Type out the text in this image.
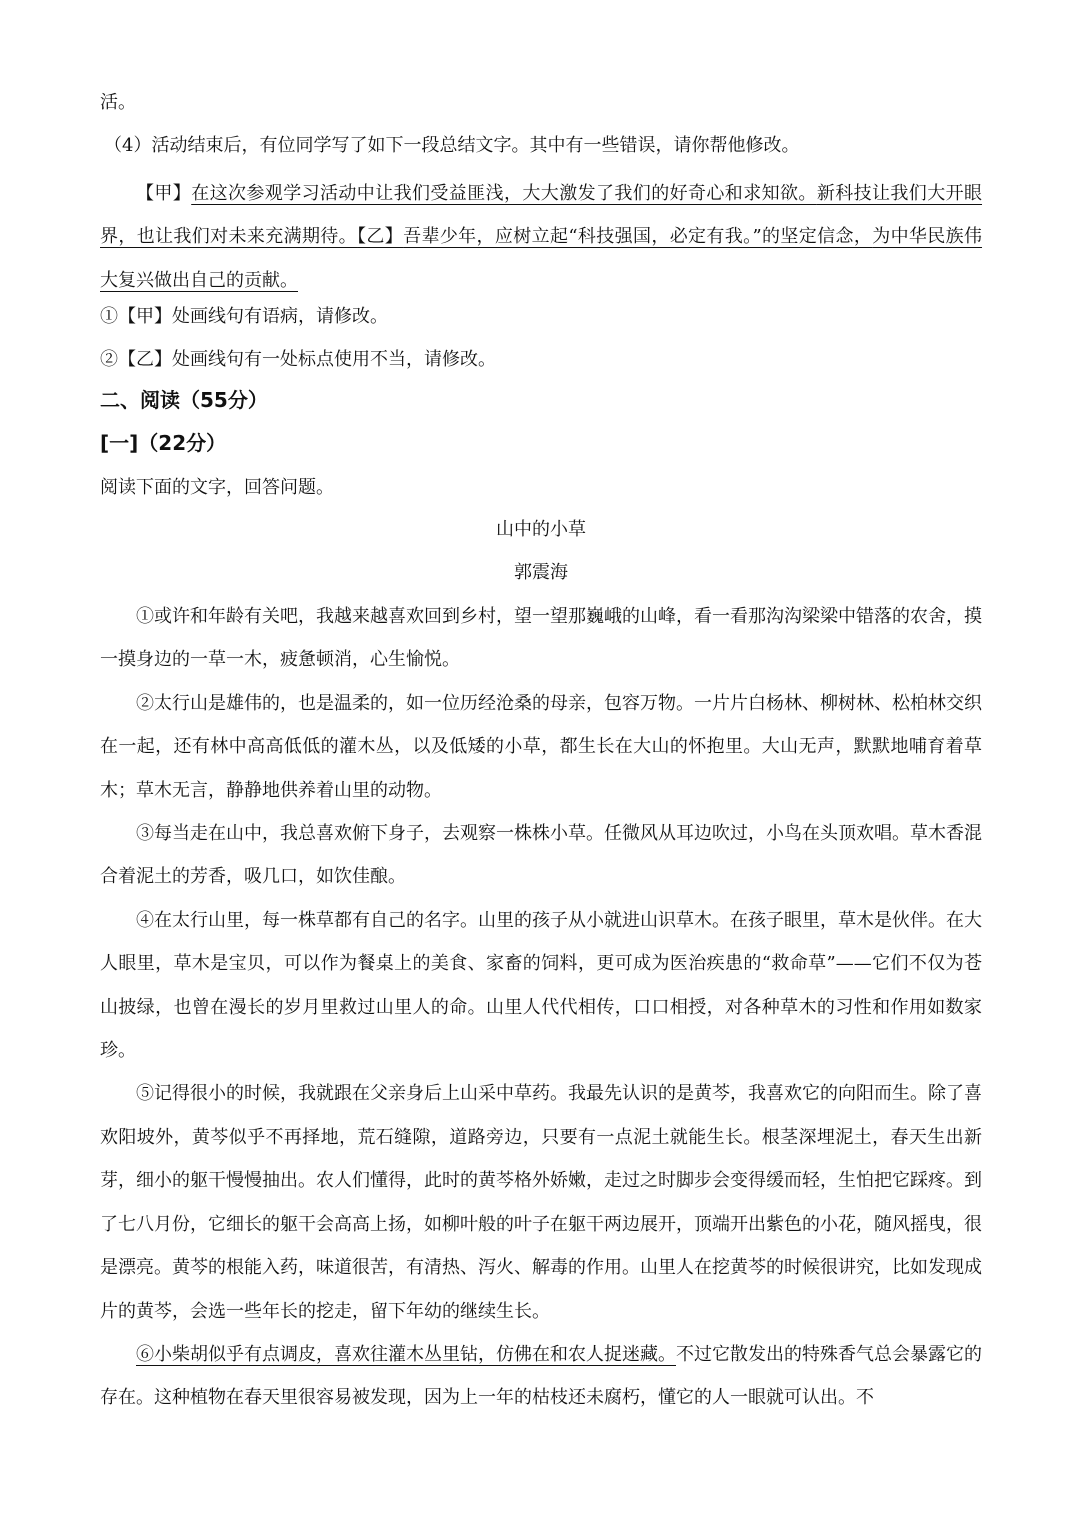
活。
（4）活动结束后，有位同学写了如下一段总结文字。其中有一些错误，请你帮他修改。

【甲】在这次参观学习活动中让我们受益匪浅，大大激发了我们的好奇心和求知欲。新科技让我们大开眼界，也让我们对未来充满期待。【乙】吾辈少年，应树立起“科技强国，必定有我。”的坚定信念，为中华民族伟大复兴做出自己的贡献。

①【甲】处画线句有语病，请修改。
②【乙】处画线句有一处标点使用不当，请修改。
二、阅读（55分）
[一]（22分）
阅读下面的文字，回答问题。
山中的小草
郭震海

①或许和年龄有关吧，我越来越喜欢回到乡村，望一望那巍峨的山峰，看一看那沟沟梁梁中错落的农舍，摸一摸身边的一草一木，疲惫顿消，心生愉悦。

②太行山是雄伟的，也是温柔的，如一位历经沧桑的母亲，包容万物。一片片白杨林、柳树林、松柏林交织在一起，还有林中高高低低的灌木丛，以及低矮的小草，都生长在大山的怀抱里。大山无声，默默地哺育着草木；草木无言，静静地供养着山里的动物。

③每当走在山中，我总喜欢俯下身子，去观察一株株小草。任微风从耳边吹过，小鸟在头顶欢唱。草木香混合着泥土的芳香，吸几口，如饮佳酿。

④在太行山里，每一株草都有自己的名字。山里的孩子从小就进山识草木。在孩子眼里，草木是伙伴。在大人眼里，草木是宝贝，可以作为餐桌上的美食、家畜的饲料，更可成为医治疾患的“救命草”——它们不仅为苍山披绿，也曾在漫长的岁月里救过山里人的命。山里人代代相传，口口相授，对各种草木的习性和作用如数家珍。

⑤记得很小的时候，我就跟在父亲身后上山采中草药。我最先认识的是黄芩，我喜欢它的向阳而生。除了喜欢阳坡外，黄芩似乎不再择地，荒石缝隙，道路旁边，只要有一点泥土就能生长。根茎深埋泥土，春天生出新芽，细小的躯干慢慢抽出。农人们懂得，此时的黄芩格外娇嫩，走过之时脚步会变得缓而轻，生怕把它踩疼。到了七八月份，它细长的躯干会高高上扬，如柳叶般的叶子在躯干两边展开，顶端开出紫色的小花，随风摇曳，很是漂亮。黄芩的根能入药，味道很苦，有清热、泻火、解毒的作用。山里人在挖黄芩的时候很讲究，比如发现成片的黄芩，会选一些年长的挖走，留下年幼的继续生长。

⑥小柴胡似乎有点调皮，喜欢往灌木丛里钻，仿佛在和农人捉迷藏。不过它散发出的特殊香气总会暴露它的存在。这种植物在春天里很容易被发现，因为上一年的枯枝还未腐朽，懂它的人一眼就可认出。不
